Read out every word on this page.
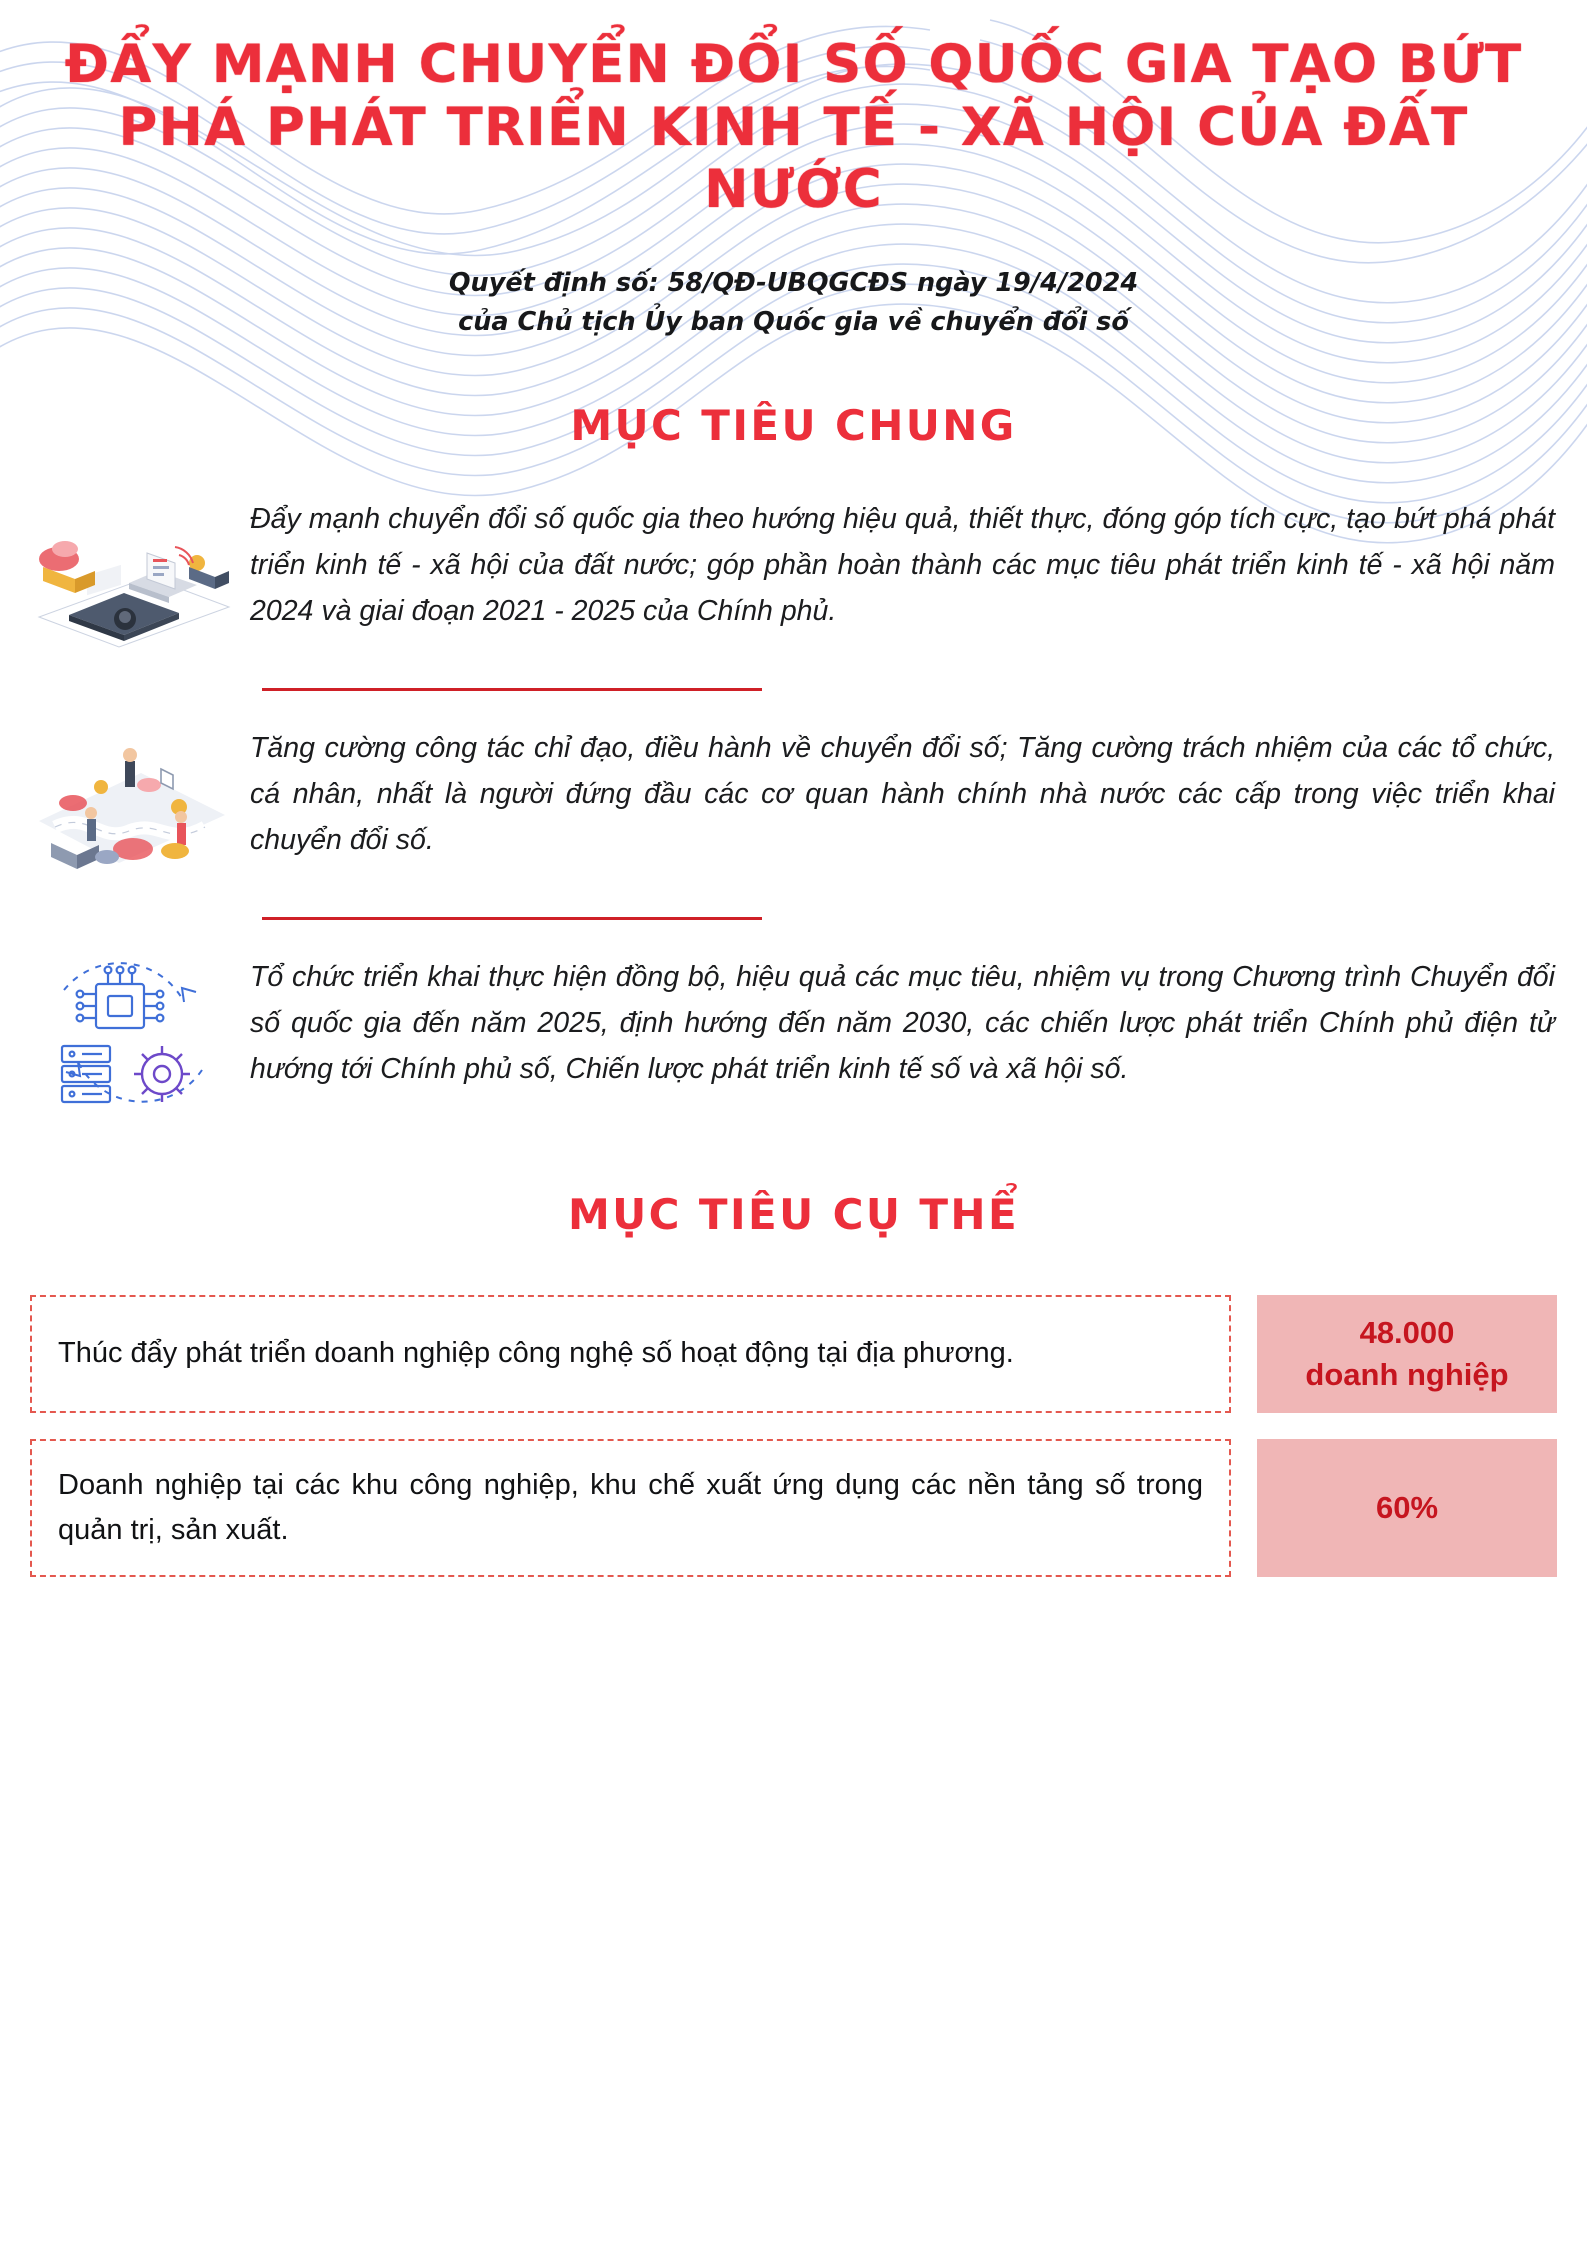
ĐẨY MẠNH CHUYỂN ĐỔI SỐ QUỐC GIA TẠO BỨT
PHÁ PHÁT TRIỂN KINH TẾ - XÃ HỘI CỦA ĐẤT NƯỚC
Quyết định số: 58/QĐ-UBQGCĐS ngày 19/4/2024
của Chủ tịch Ủy ban Quốc gia về chuyển đổi số
MỤC TIÊU CHUNG
Đẩy mạnh chuyển đổi số quốc gia theo hướng hiệu quả, thiết thực, đóng góp tích cực, tạo bứt phá phát triển kinh tế - xã hội của đất nước; góp phần hoàn thành các mục tiêu phát triển kinh tế - xã hội năm 2024 và giai đoạn 2021 - 2025 của Chính phủ.
Tăng cường công tác chỉ đạo, điều hành về chuyển đổi số; Tăng cường trách nhiệm của các tổ chức, cá nhân, nhất là người đứng đầu các cơ quan hành chính nhà nước các cấp trong việc triển khai chuyển đổi số.
Tổ chức triển khai thực hiện đồng bộ, hiệu quả các mục tiêu, nhiệm vụ trong Chương trình Chuyển đổi số quốc gia đến năm 2025, định hướng đến năm 2030, các chiến lược phát triển Chính phủ điện tử hướng tới Chính phủ số, Chiến lược phát triển kinh tế số và xã hội số.
MỤC TIÊU CỤ THỂ
Thúc đẩy phát triển doanh nghiệp công nghệ số hoạt động tại địa phương.
48.000
doanh nghiệp
Doanh nghiệp tại các khu công nghiệp, khu chế xuất ứng dụng các nền tảng số trong quản trị, sản xuất.
60%
